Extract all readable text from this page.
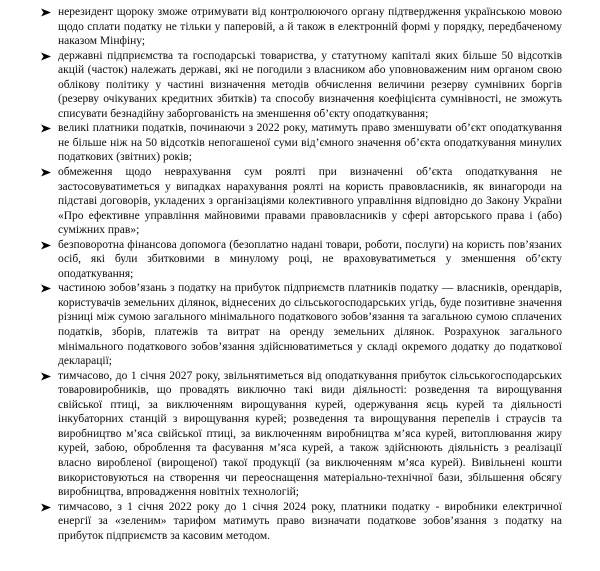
нерезидент щороку зможе отримувати від контролюючого органу підтвердження українською мовою щодо сплати податку не тільки у паперовій, а й також в електронній формі у порядку, передбаченому наказом Мінфіну;
державні підприємства та господарські товариства, у статутному капіталі яких більше 50 відсотків акцій (часток) належать державі, які не погодили з власником або уповноваженим ним органом свою облікову політику у частині визначення методів обчислення величини резерву сумнівних боргів (резерву очікуваних кредитних збитків) та способу визначення коефіцієнта сумнівності, не зможуть списувати безнадійну заборгованість на зменшення об’єкту оподаткування;
великі платники податків, починаючи з 2022 року, матимуть право зменшувати об’єкт оподаткування не більше ніж на 50 відсотків непогашеної суми від’ємного значення об’єкта оподаткування минулих податкових (звітних) років;
обмеження щодо неврахування сум роялті при визначенні об’єкта оподаткування не застосовуватиметься у випадках нарахування роялті на користь правовласників, як винагороди на підставі договорів, укладених з організаціями колективного управління відповідно до Закону України «Про ефективне управління майновими правами правовласників у сфері авторського права і (або) суміжних прав»;
безповоротна фінансова допомога (безоплатно надані товари, роботи, послуги) на користь пов’язаних осіб, які були збитковими в минулому році, не враховуватиметься у зменшення об’єкту оподаткування;
частиною зобов’язань з податку на прибуток підприємств платників податку — власників, орендарів, користувачів земельних ділянок, віднесених до сільськогосподарських угідь, буде позитивне значення різниці між сумою загального мінімального податкового зобов’язання та загальною сумою сплачених податків, зборів, платежів та витрат на оренду земельних ділянок. Розрахунок загального мінімального податкового зобов’язання здійснюватиметься у складі окремого додатку до податкової декларації;
тимчасово, до 1 січня 2027 року, звільнятиметься від оподаткування прибуток сільськогосподарських товаровиробників, що провадять виключно такі види діяльності: розведення та вирощування свійської птиці, за виключенням вирощування курей, одержування яєць курей та діяльності інкубаторних станцій з вирощування курей; розведення та вирощування перепелів і страусів та виробництво м’яса свійської птиці, за виключенням виробництва м’яса курей, витоплювання жиру курей, забою, оброблення та фасування м’яса курей, а також здійснюють діяльність з реалізації власно виробленої (вирощеної) такої продукції (за виключенням м’яса курей). Вивільнені кошти використовуються на створення чи переоснащення матеріально-технічної бази, збільшення обсягу виробництва, впровадження новітніх технологій;
тимчасово, з 1 січня 2022 року до 1 січня 2024 року, платники податку - виробники електричної енергії за «зеленим» тарифом матимуть право визначати податкове зобов’язання з податку на прибуток підприємств за касовим методом.
